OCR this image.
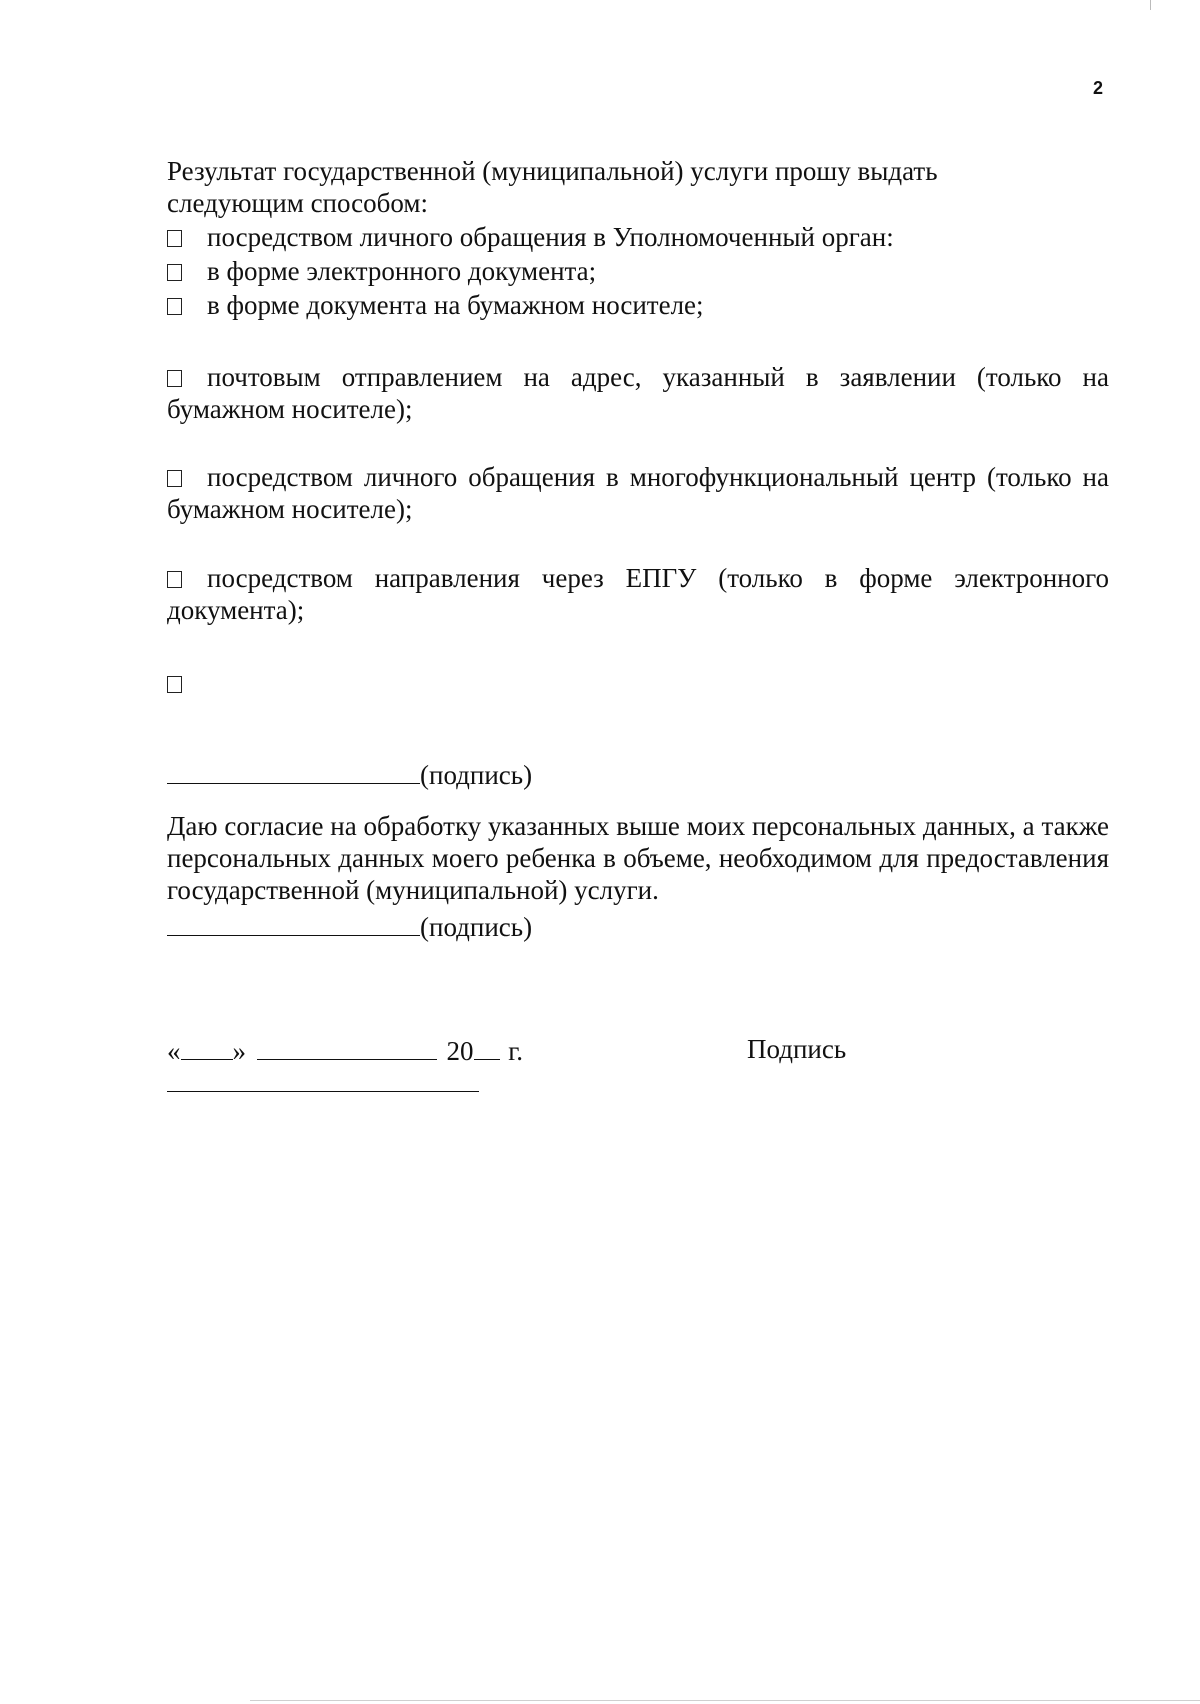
2
Результат государственной (муниципальной) услуги прошу выдать
следующим способом:
посредством личного обращения в Уполномоченный орган:
в форме электронного документа;
в форме документа на бумажном носителе;
почтовым отправлением на адрес, указанный в заявлении (только на бумажном носителе);
посредством личного обращения в многофункциональный центр (только на бумажном носителе);
посредством направления через ЕПГУ (только в форме электронного документа);
(подпись)
Даю согласие на обработку указанных выше моих персональных данных, а также персональных данных моего ребенка в объеме, необходимом для предоставления государственной (муниципальной) услуги.
(подпись)
« »	20 г.	Подпись
